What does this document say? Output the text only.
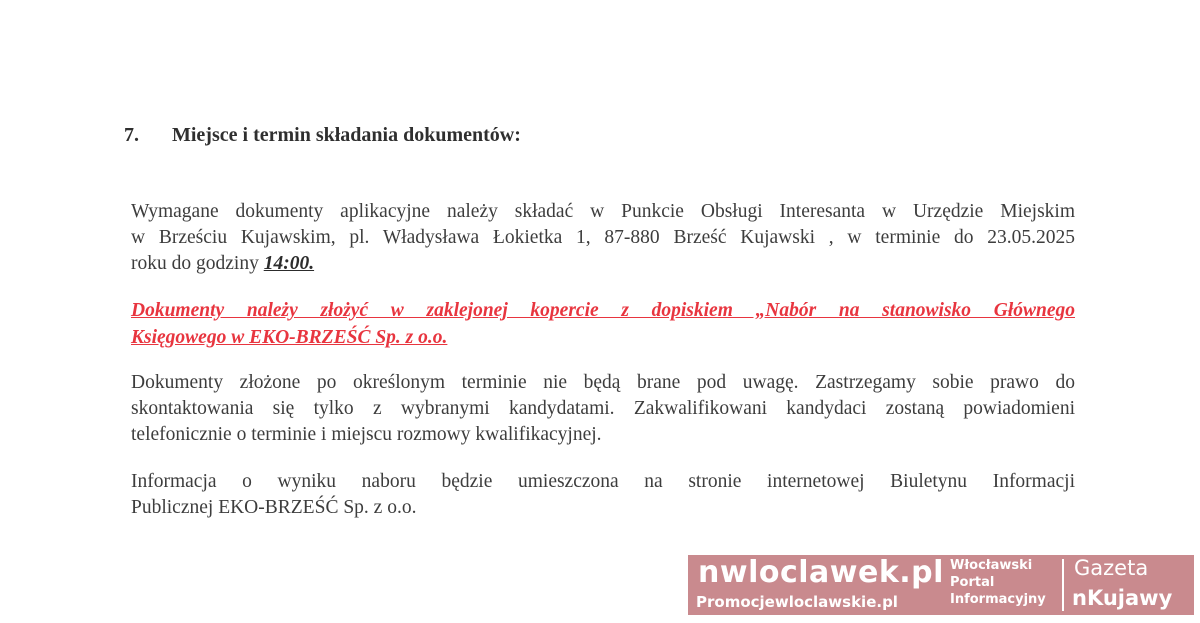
7. Miejsce i termin składania dokumentów:
Wymagane dokumenty aplikacyjne należy składać w Punkcie Obsługi Interesanta w Urzędzie Miejskim
w Brześciu Kujawskim, pl. Władysława Łokietka 1, 87-880 Brześć Kujawski , w terminie do 23.05.2025
roku do godziny 14:00.
Dokumenty należy złożyć w zaklejonej kopercie z dopiskiem „Nabór na stanowisko Głównego
Księgowego w EKO-BRZEŚĆ Sp. z o.o.
Dokumenty złożone po określonym terminie nie będą brane pod uwagę. Zastrzegamy sobie prawo do
skontaktowania się tylko z wybranymi kandydatami. Zakwalifikowani kandydaci zostaną powiadomieni
telefonicznie o terminie i miejscu rozmowy kwalifikacyjnej.
Informacja o wyniku naboru będzie umieszczona na stronie internetowej Biuletynu Informacji
Publicznej EKO-BRZEŚĆ Sp. z o.o.
nwloclawek.pl
Promocjewloclawskie.pl
Włocławski
Portal
Informacyjny
Gazeta
nKujawy
